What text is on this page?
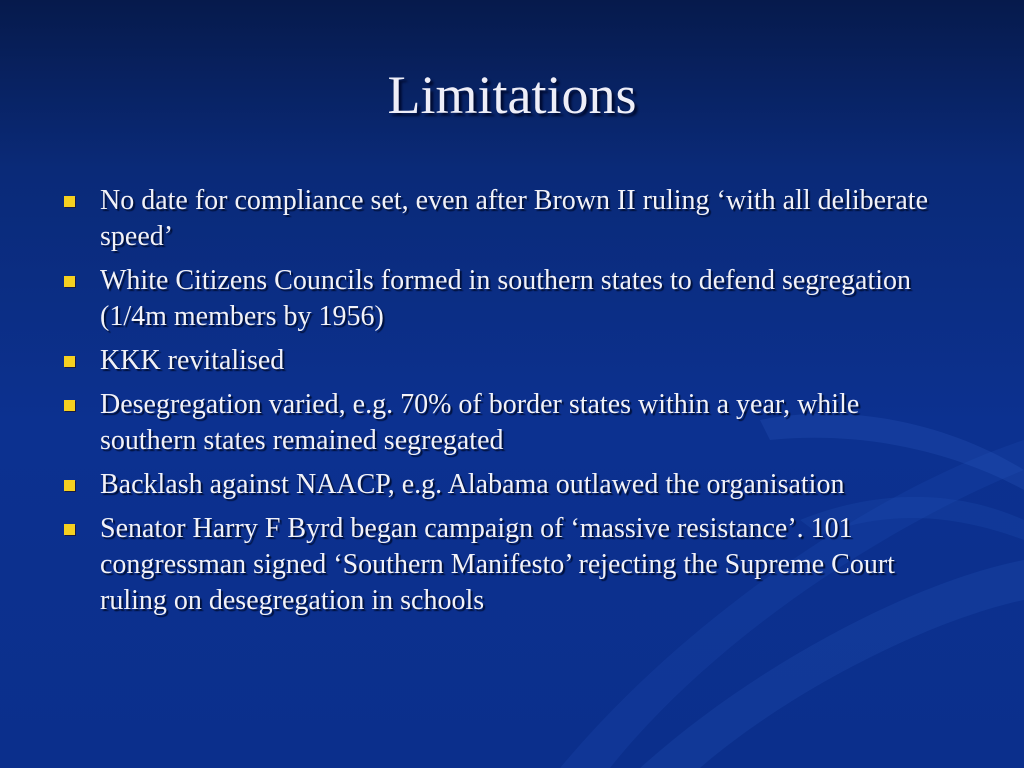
Limitations
No date for compliance set, even after Brown II ruling ‘with all deliberate speed’
White Citizens Councils formed in southern states to defend segregation (1/4m members by 1956)
KKK revitalised
Desegregation varied, e.g. 70% of border states within a year, while southern states remained segregated
Backlash against NAACP, e.g. Alabama outlawed the organisation
Senator Harry F Byrd began campaign of ‘massive resistance’. 101 congressman signed ‘Southern Manifesto’ rejecting the Supreme Court ruling on desegregation in schools
